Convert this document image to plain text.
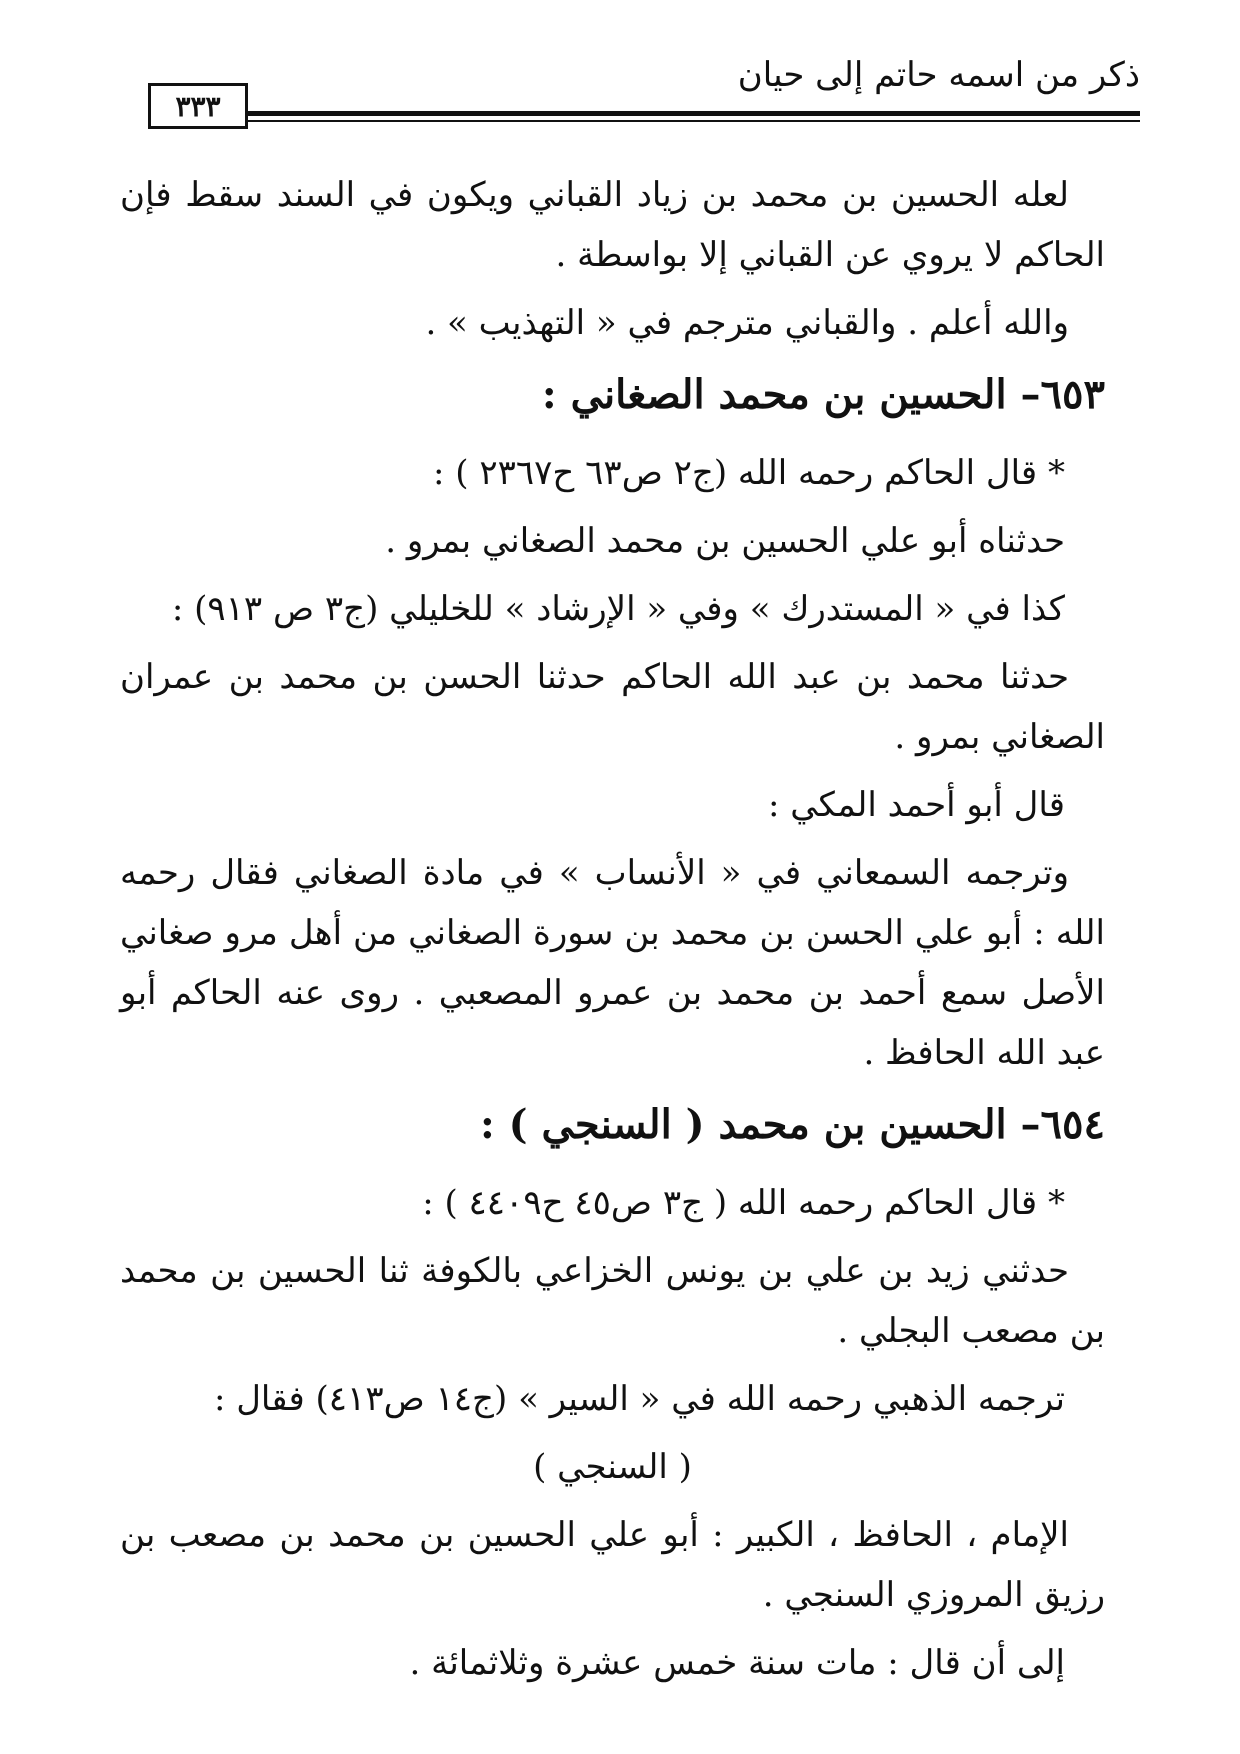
٣٣٣
ذكر من اسمه حاتم إلى حيان

لعله الحسين بن محمد بن زياد القباني ويكون في السند سقط فإن الحاكم لا يروي عن القباني إلا بواسطة .

والله أعلم . والقباني مترجم في « التهذيب » .

٦٥٣– الحسين بن محمد الصغاني :

* قال الحاكم رحمه الله (ج٢ ص٦٣ ح٢٣٦٧ ) :

حدثناه أبو علي الحسين بن محمد الصغاني بمرو .

كذا في « المستدرك » وفي « الإرشاد » للخليلي (ج٣ ص ٩١٣) :

حدثنا محمد بن عبد الله الحاكم حدثنا الحسن بن محمد بن عمران الصغاني بمرو .

قال أبو أحمد المكي :

وترجمه السمعاني في « الأنساب » في مادة الصغاني فقال رحمه الله : أبو علي الحسن بن محمد بن سورة الصغاني من أهل مرو صغاني الأصل سمع أحمد بن محمد بن عمرو المصعبي . روى عنه الحاكم أبو عبد الله الحافظ .

٦٥٤– الحسين بن محمد ( السنجي ) :

* قال الحاكم رحمه الله ( ج٣ ص٤٥ ح٤٤٠٩ ) :

حدثني زيد بن علي بن يونس الخزاعي بالكوفة ثنا الحسين بن محمد بن مصعب البجلي .

ترجمه الذهبي رحمه الله في « السير » (ج١٤ ص٤١٣) فقال :

( السنجي )

الإمام ، الحافظ ، الكبير : أبو علي الحسين بن محمد بن مصعب بن رزيق المروزي السنجي .

إلى أن قال : مات سنة خمس عشرة وثلاثمائة .
